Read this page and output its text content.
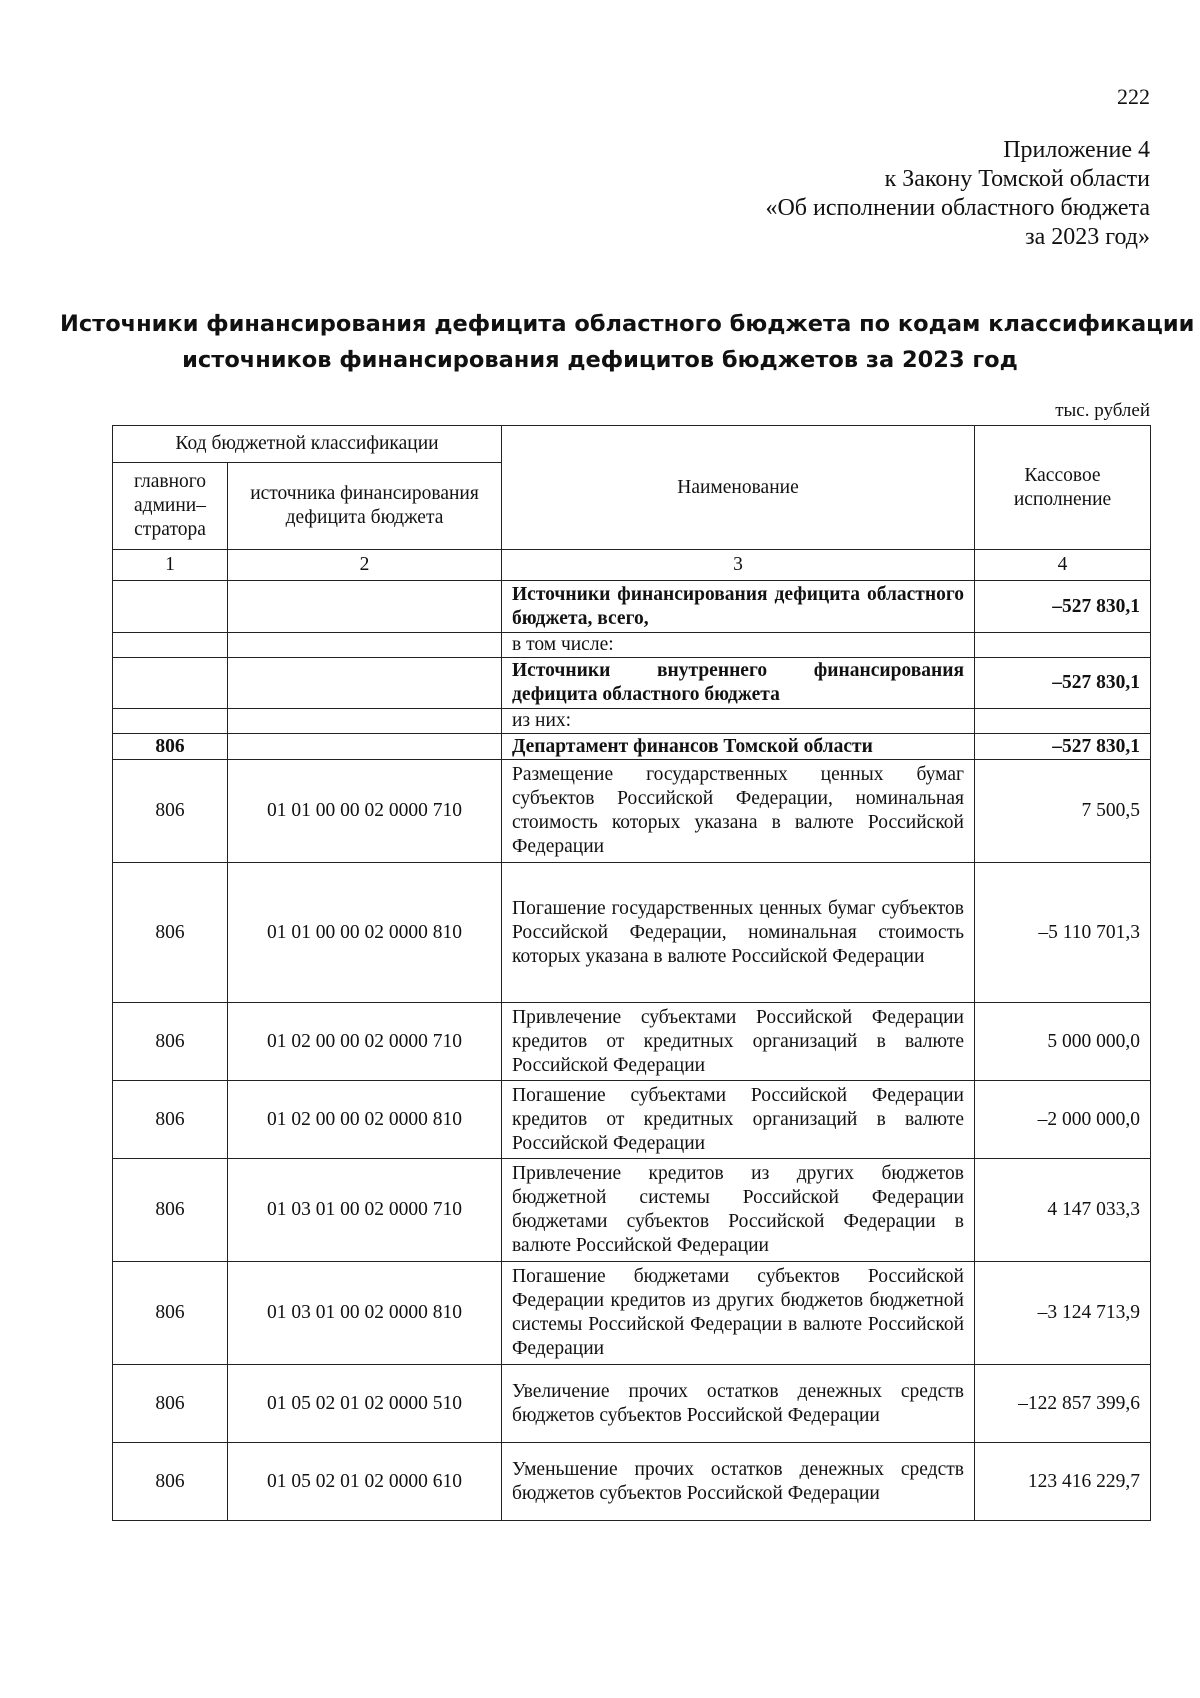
222
Приложение 4
к Закону Томской области
«Об исполнении областного бюджета
за 2023 год»
Источники финансирования дефицита областного бюджета по кодам классификации
источников финансирования дефицитов бюджетов за 2023 год
тыс. рублей
Код бюджетной классификации		Наименование	Кассовое исполнение
главного админи–стратора	источника финансирования дефицита бюджета		
1	2	3	4
		Источники финансирования дефицита областного бюджета, всего,	–527 830,1
		в том числе:	
		Источники внутреннего финансирования дефицита областного бюджета	–527 830,1
		из них:	
806		Департамент финансов Томской области	–527 830,1
806	01 01 00 00 02 0000 710	Размещение государственных ценных бумаг субъектов Российской Федерации, номинальная стоимость которых указана в валюте Российской Федерации	7 500,5
806	01 01 00 00 02 0000 810	Погашение государственных ценных бумаг субъектов Российской Федерации, номинальная стоимость которых указана в валюте Российской Федерации	–5 110 701,3
806	01 02 00 00 02 0000 710	Привлечение субъектами Российской Федерации кредитов от кредитных организаций в валюте Российской Федерации	5 000 000,0
806	01 02 00 00 02 0000 810	Погашение субъектами Российской Федерации кредитов от кредитных организаций в валюте Российской Федерации	–2 000 000,0
806	01 03 01 00 02 0000 710	Привлечение кредитов из других бюджетов бюджетной системы Российской Федерации бюджетами субъектов Российской Федерации в валюте Российской Федерации	4 147 033,3
806	01 03 01 00 02 0000 810	Погашение бюджетами субъектов Российской Федерации кредитов из других бюджетов бюджетной системы Российской Федерации в валюте Российской Федерации	–3 124 713,9
806	01 05 02 01 02 0000 510	Увеличение прочих остатков денежных средств бюджетов субъектов Российской Федерации	–122 857 399,6
806	01 05 02 01 02 0000 610	Уменьшение прочих остатков денежных средств бюджетов субъектов Российской Федерации	123 416 229,7
